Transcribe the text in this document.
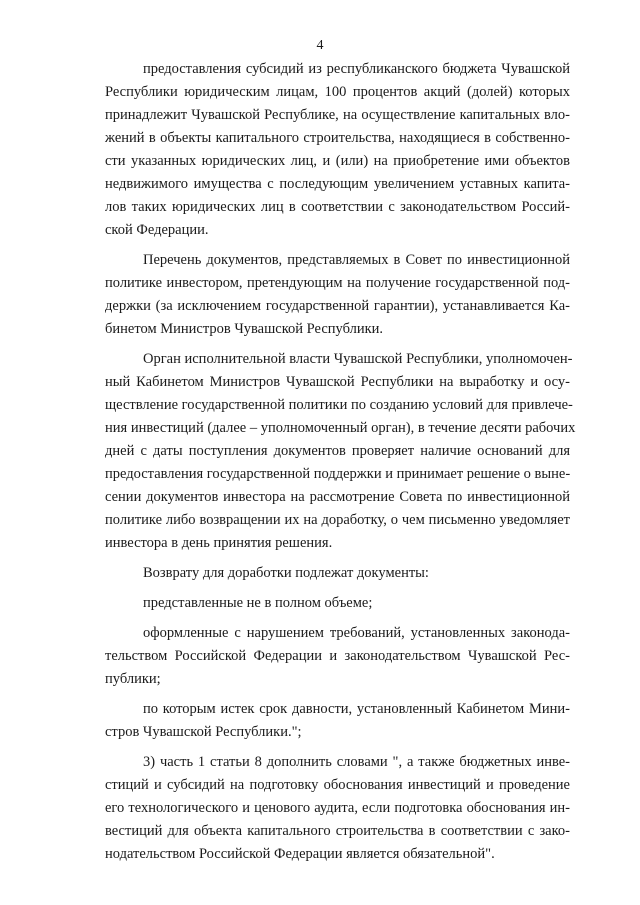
4
предоставления субсидий из республиканского бюджета Чувашской
Республики юридическим лицам, 100 процентов акций (долей) которых
принадлежит Чувашской Республике, на осуществление капитальных вло-
жений в объекты капитального строительства, находящиеся в собственно-
сти указанных юридических лиц, и (или) на приобретение ими объектов
недвижимого имущества с последующим увеличением уставных капита-
лов таких юридических лиц в соответствии с законодательством Россий-
ской Федерации.
Перечень документов, представляемых в Совет по инвестиционной
политике инвестором, претендующим на получение государственной под-
держки (за исключением государственной гарантии), устанавливается Ка-
бинетом Министров Чувашской Республики.
Орган исполнительной власти Чувашской Республики, уполномочен-
ный Кабинетом Министров Чувашской Республики на выработку и осу-
ществление государственной политики по созданию условий для привлече-
ния инвестиций (далее – уполномоченный орган), в течение десяти рабочих
дней с даты поступления документов проверяет наличие оснований для
предоставления государственной поддержки и принимает решение о выне-
сении документов инвестора на рассмотрение Совета по инвестиционной
политике либо возвращении их на доработку, о чем письменно уведомляет
инвестора в день принятия решения.
Возврату для доработки подлежат документы:
представленные не в полном объеме;
оформленные с нарушением требований, установленных законода-
тельством Российской Федерации и законодательством Чувашской Рес-
публики;
по которым истек срок давности, установленный Кабинетом Мини-
стров Чувашской Республики.";
3) часть 1 статьи 8 дополнить словами ", а также бюджетных инве-
стиций и субсидий на подготовку обоснования инвестиций и проведение
его технологического и ценового аудита, если подготовка обоснования ин-
вестиций для объекта капитального строительства в соответствии с зако-
нодательством Российской Федерации является обязательной".
